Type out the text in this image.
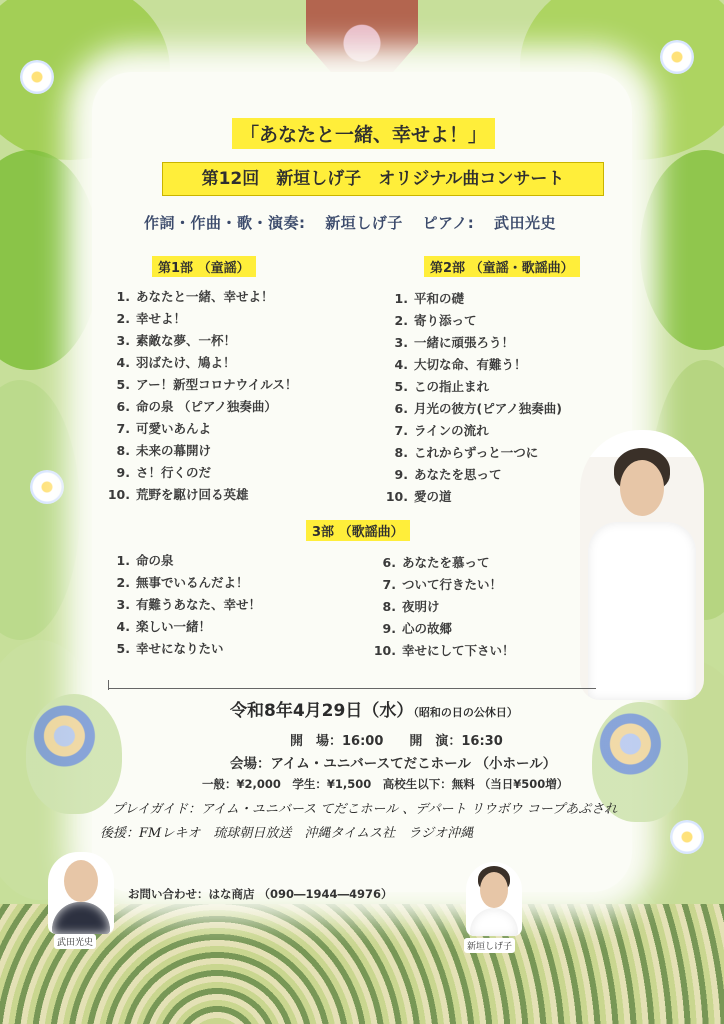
「あなたと一緒、幸せよ！」
第12回　新垣しげ子　オリジナル曲コンサート
作詞・作曲・歌・演奏: 新垣しげ子 ピアノ: 武田光史
第1部 （童謡）
1. あなたと一緒、幸せよ！
2. 幸せよ！
3. 素敵な夢、一杯！
4. 羽ばたけ、鳩よ！
5. アー！新型コロナウイルス！
6. 命の泉 （ピアノ独奏曲）
7. 可愛いあんよ
8. 未来の幕開け
9. さ！行くのだ
10. 荒野を駆け回る英雄
第2部 （童謡・歌謡曲）
1. 平和の礎
2. 寄り添って
3. 一緒に頑張ろう！
4. 大切な命、有難う！
5. この指止まれ
6. 月光の彼方(ピアノ独奏曲)
7. ラインの流れ
8. これからずっと一つに
9. あなたを思って
10. 愛の道
3部 （歌謡曲）
1. 命の泉
2. 無事でいるんだよ！
3. 有難うあなた、幸せ！
4. 楽しい一緒！
5. 幸せになりたい
6. あなたを慕って
7. ついて行きたい！
8. 夜明け
9. 心の故郷
10. 幸せにして下さい！
令和8年4月29日（水）（昭和の日の公休日）
開　場：16:00　　開　演：16:30
会場：アイム・ユニバースてだこホール （小ホール）
一般：¥2,000　学生：¥1,500　高校生以下：無料 （当日¥500増）
プレイガイド：アイム・ユニバース てだこホール 、デパート リウボウ コープあぷされ
後援：FMレキオ　琉球朝日放送　沖縄タイムス社　ラジオ沖縄
お問い合わせ：はな商店 （090―1944―4976）
武田光史	新垣しげ子
